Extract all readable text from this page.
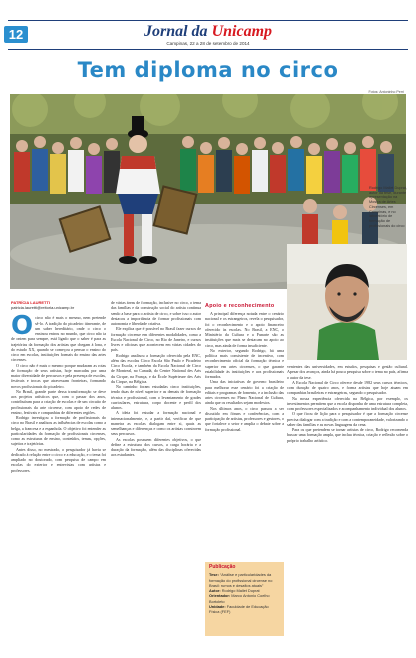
12	Jornal da Unicamp
Campinas, 22 a 28 de setembro de 2014
Tem diploma no circo
Fotos: Antoninho Perri
Rodrigo Mallet Duprat, autor da tese, durante apresentação na Mostra de Artes Circenses, em Campinas, e no laboratório de formação de profissionais do circo
PATRÍCIA LAURETTI
patricia.lauretti@reitoria.unicamp.br

Ocirco não é mais o mesmo, nem pretende sê-lo. A tradição do picadeiro itinerante, de um saber hereditário, onde o circo o ensinou entrou no mundo, que circo não ia de ontem para sempre, está ligado que o saber é para as trajetórias da formação dos artistas que chegam à lona, e do estudo XX, quando se começou a pensar o ensino do circo em escolas, instituições formais do ensino das artes circenses.

O circo não é mais o mesmo porque mudaram as rotas de formação de seus artistas, hoje marcadas por uma maior diversidade de percursos e pela presença de escolas, festivais e trocas que atravessam fronteiras, formando novos profissionais do picadeiro.

No Brasil, grande parte dessa transformação se deve aos projetos artísticos que, com o passar dos anos, contribuíram para a criação de escolas e de um circuito de profissionais da arte circense, com apoio de redes de ensino, festivais e companhias de diferentes regiões.

Rodrigo investigou a formação de profissionais do circo no Brasil e analisou as influências de escolas como a belga, a francesa e a espanhola. O objetivo foi entender as particularidades da formação de profissionais circenses, como as estruturas de ensino, conteúdos, temas, opções, sujeitos e trajetórias.

Antes disso, no mestrado, o pesquisador já havia se dedicado à relação entre o circo e a educação, e o tema foi ampliado no doutorado, com pesquisa de campo em escolas do exterior e entrevistas com artistas e professores.

de várias áreas de formação, inclusive no circo, o tema das famílias e da construção social do artista continua sendo a base para o artista de circo, e sobre isso o autor destacou a importância de formar profissionais com autonomia e liberdade criativa.

Ele explica que é possível no Brasil fazer cursos de formação circense em diferentes modalidades, como a Escola Nacional de Circo, no Rio de Janeiro, e cursos livres e oficinas que acontecem em várias cidades do país.

Rodrigo analisou a formação oferecida pela ENC, além das escolas Circo Escola São Paulo e Picadeiro Circo Escola, e também da Escola Nacional de Circo de Montreal, no Canadá, do Centre National des Arts du Cirque, na França, e da École Supérieure des Arts du Cirque, na Bélgica.

No caminho foram estudadas cinco instituições, tendo duas de nível superior e as demais de formação técnica e profissional, com o levantamento de grades curriculares, estrutura, corpo docente e perfil dos alunos.

A ideia foi estudar a formação nacional e internacionalmente, e, a partir daí, verificar de que maneira as escolas dialogam entre si, quais as semelhanças e diferenças e como os artistas constroem seus percursos.

As escolas possuem diferentes objetivos, o que define a estrutura dos cursos, a carga horária e a duração da formação, além das disciplinas oferecidas aos estudantes.

Apoio e reconhecimento

A principal diferença notada entre o cenário nacional e os estrangeiros, revela o pesquisador, foi o reconhecimento e o apoio financeiro oferecido às escolas. No Brasil, a ENC, o Ministério da Cultura e a Funarte são as instituições que mais se destacam no apoio ao circo, mas ainda de forma insuficiente.

No exterior, segundo Rodrigo, há uma política mais consistente de incentivo, com reconhecimento oficial da formação técnica e superior em artes circenses, o que garante estabilidade às instituições e aos profissionais formados.

Uma das iniciativas de governo brasileiro para melhorar esse cenário foi a criação de editais e programas de fomento, e a inclusão das artes circenses no Plano Nacional de Cultura, ainda que os resultados sejam modestos.

Nos últimos anos, o circo passou a ser discutido em fóruns e conferências, com a participação de artistas, professores e gestores, o que fortalece o setor e amplia o debate sobre a formação profissional.

venientes das universidades, em estudos, pesquisas e gestão cultural. Apesar dos avanços, ainda há pouca pesquisa sobre o tema no país, afirma o autor da tese.

A Escola Nacional de Circo oferece desde 1982 seus cursos técnicos, com duração de quatro anos, e forma artistas que hoje atuam em companhias brasileiras e estrangeiras, segundo o pesquisador.

Na nossa experiência oferecida na Bélgica, por exemplo, os investimentos permitem que a escola disponha de uma estrutura completa, com professores especializados e acompanhamento individual dos alunos.

O que ficou de lição para o pesquisador é que a formação circense precisa dialogar com a tradição e com a contemporaneidade, valorizando o saber das famílias e as novas linguagens da cena.

Para os que pretendem se tornar artistas de circo, Rodrigo recomenda buscar uma formação ampla, que inclua técnica, criação e reflexão sobre o próprio trabalho artístico.

Publicação
Tese: “Análise e particularidades da formação do profissional circense no Brasil: rumos e desafios atuais”
Autor: Rodrigo Mallet Duprat
Orientador: Marco Antonio Coelho Bortoleto
Unidade: Faculdade de Educação Física (FEF)
